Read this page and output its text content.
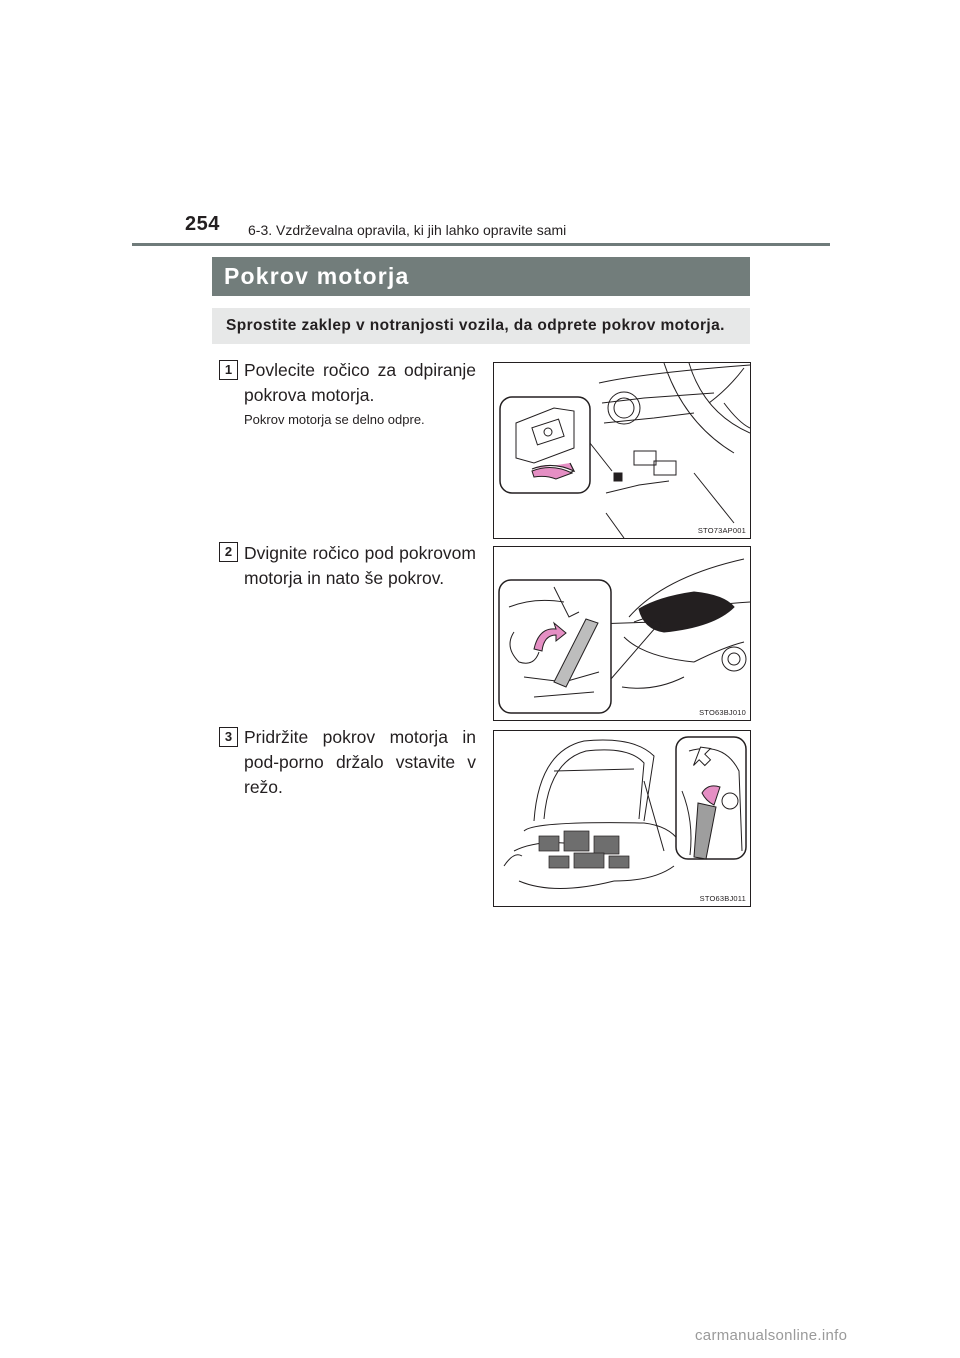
254 6-3. Vzdrževalna opravila, ki jih lahko opravite sami
Pokrov motorja
Sprostite zaklep v notranjosti vozila, da odprete pokrov motorja.
1 Povlecite ročico za odpiranje pokrova motorja.
Pokrov motorja se delno odpre.
STO73AP001
2 Dvignite ročico pod pokrovom motorja in nato še pokrov.
STO63BJ010
3 Pridržite pokrov motorja in pod-porno držalo vstavite v režo.
STO63BJ011
carmanualsonline.info
